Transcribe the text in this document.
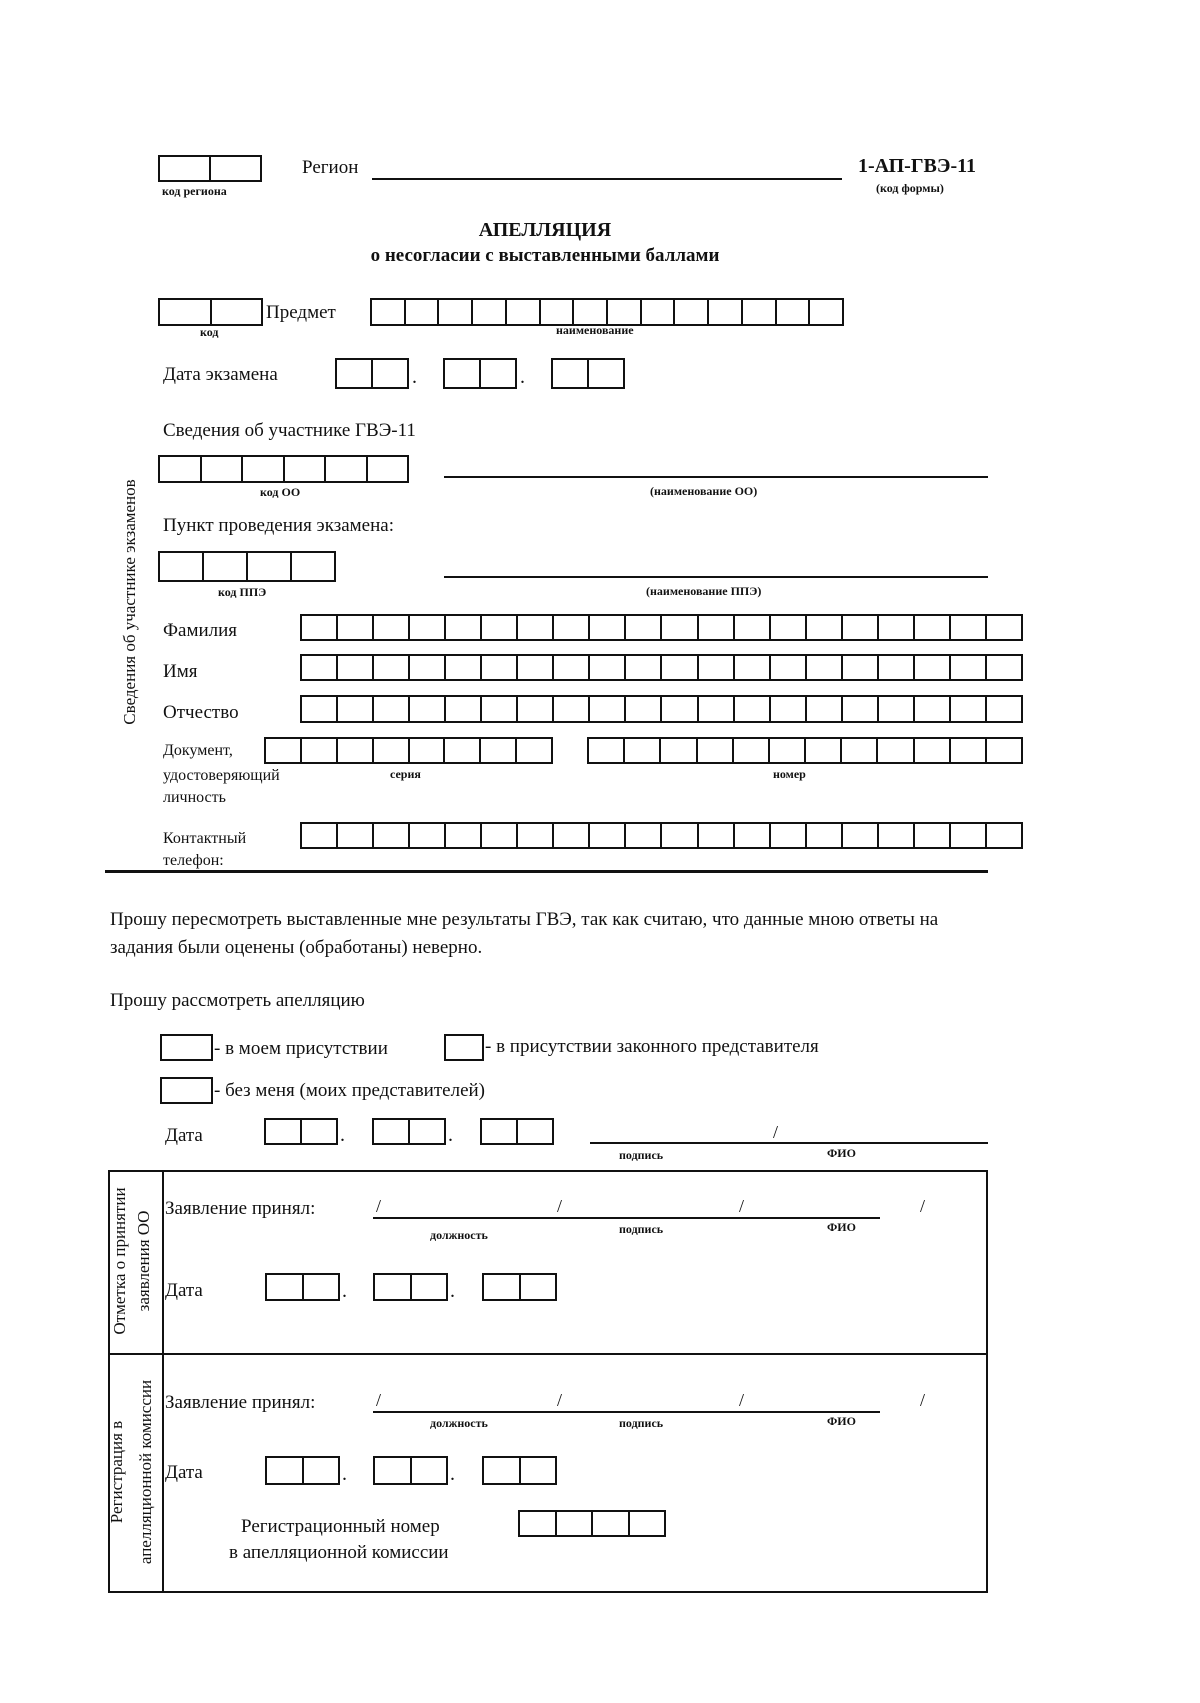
код региона
Регион	1-АП-ГВЭ-11
(код формы)
АПЕЛЛЯЦИЯ
о несогласии с выставленными баллами
код
Предмет
наименование
Дата экзамена	.	.
Сведения об участнике экзаменов
Сведения об участнике ГВЭ-11
код ОО	(наименование ОО)
Пункт проведения экзамена:
код ППЭ	(наименование ППЭ)
Фамилия
Имя
Отчество
Документ,
удостоверяющий
личность
серия	номер
Контактный
телефон:
Прошу пересмотреть выставленные мне результаты ГВЭ, так как считаю, что данные мною ответы на
задания были оценены (обработаны) неверно.
Прошу рассмотреть апелляцию
- в моем присутствии	- в присутствии законного представителя
- без меня (моих представителей)
Дата	.	.	/
подпись	ФИО
Отметка о принятии заявления ОО
Заявление принял:	/	/	/	/
должность	подпись	ФИО
Дата	.	.
Регистрация в апелляционной комиссии Заявление принял:	/	/	/	/
должность	подпись	ФИО
Дата	.	.
Регистрационный номер
в апелляционной комиссии
